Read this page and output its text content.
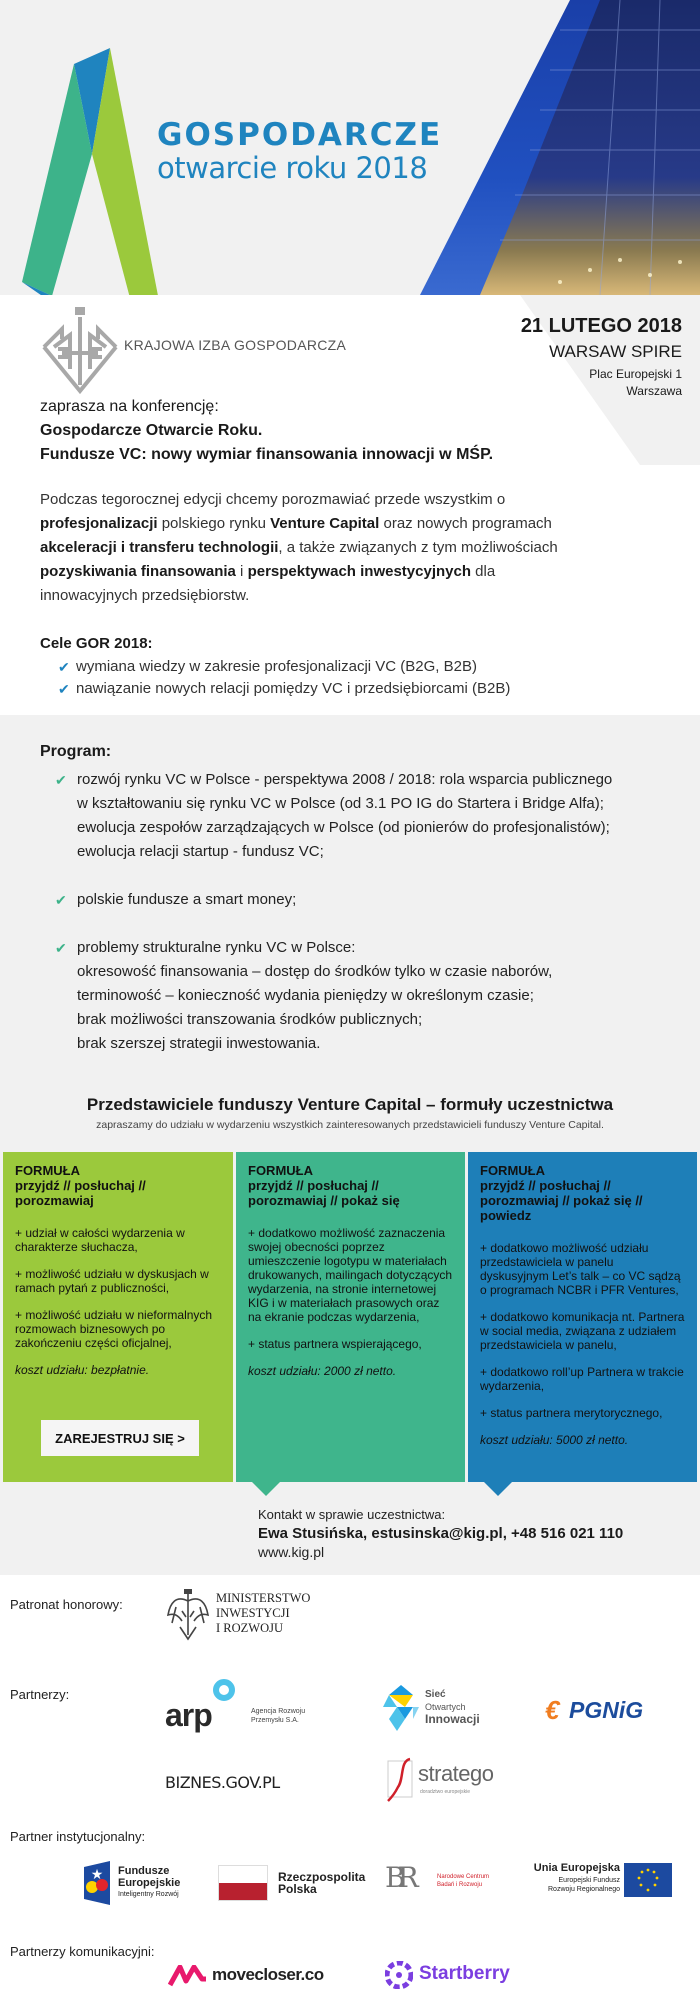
GOSPODARCZE
otwarcie roku 2018
KRAJOWA IZBA GOSPODARCZA
21 LUTEGO 2018
WARSAW SPIRE
Plac Europejski 1
Warszawa
zaprasza na konferencję:
Gospodarcze Otwarcie Roku.
Fundusze VC: nowy wymiar finansowania innowacji w MŚP.
Podczas tegorocznej edycji chcemy porozmawiać przede wszystkim o profesjonalizacji polskiego rynku Venture Capital oraz nowych programach akceleracji i transferu technologii, a także związanych z tym możliwościach pozyskiwania finansowania i perspektywach inwestycyjnych dla innowacyjnych przedsiębiorstw.
Cele GOR 2018:
✔ wymiana wiedzy w zakresie profesjonalizacji VC (B2G, B2B)
✔ nawiązanie nowych relacji pomiędzy VC i przedsiębiorcami (B2B)
Program:
✔ rozwój rynku VC w Polsce - perspektywa 2008 / 2018: rola wsparcia publicznego
w kształtowaniu się rynku VC w Polsce (od 3.1 PO IG do Startera i Bridge Alfa);
ewolucja zespołów zarządzających w Polsce (od pionierów do profesjonalistów);
ewolucja relacji startup - fundusz VC;
✔ polskie fundusze a smart money;
✔ problemy strukturalne rynku VC w Polsce:
okresowość finansowania – dostęp do środków tylko w czasie naborów,
terminowość – konieczność wydania pieniędzy w określonym czasie;
brak możliwości transzowania środków publicznych;
brak szerszej strategii inwestowania.
Przedstawiciele funduszy Venture Capital – formuły uczestnictwa
zapraszamy do udziału w wydarzeniu wszystkich zainteresowanych przedstawicieli funduszy Venture Capital.
FORMUŁA
przyjdź // posłuchaj // porozmawiaj

+ udział w całości wydarzenia w charakterze słuchacza,

+ możliwość udziału w dyskusjach w ramach pytań z publiczności,

+ możliwość udziału w nieformalnych rozmowach biznesowych po zakończeniu części oficjalnej,

koszt udziału: bezpłatnie.

ZAREJESTRUJ SIĘ >
FORMUŁA
przyjdź // posłuchaj // porozmawiaj // pokaż się

+ dodatkowo możliwość zaznaczenia swojej obecności poprzez umieszczenie logotypu w materiałach drukowanych, mailingach dotyczących wydarzenia, na stronie internetowej KIG i w materiałach prasowych oraz na ekranie podczas wydarzenia,

+ status partnera wspierającego,

koszt udziału: 2000 zł netto.

FORMUŁA
przyjdź // posłuchaj // porozmawiaj // pokaż się // powiedz

+ dodatkowo możliwość udziału przedstawiciela w panelu dyskusyjnym Let’s talk – co VC sądzą o programach NCBR i PFR Ventures,

+ dodatkowo komunikacja nt. Partnera w social media, związana z udziałem przedstawiciela w panelu,

+ dodatkowo roll’up Partnera w trakcie wydarzenia,

+ status partnera merytorycznego,

koszt udziału: 5000 zł netto.

Kontakt w sprawie uczestnictwa:
Ewa Stusińska, estusinska@kig.pl, +48 516 021 110
www.kig.pl
Patronat honorowy:	MINISTERSTWO
INWESTYCJI
I ROZWOJU
Partnerzy:
arp	Agencja Rozwoju
Przemysłu S.A.
Sieć
Otwartych
Innowacji	€ PGNiG
BIZNES.GOV.PL	stratego
doradztwo europejskie
Partner instytucjonalny:
★ Fundusze
Europejskie
Inteligentny Rozwój
Rzeczpospolita
Polska	BR	Narodowe Centrum
Badań i Rozwoju
Unia Europejska
Europejski Fundusz
Rozwoju Regionalnego
Partnerzy komunikacyjni:
movecloser.co	Startberry
